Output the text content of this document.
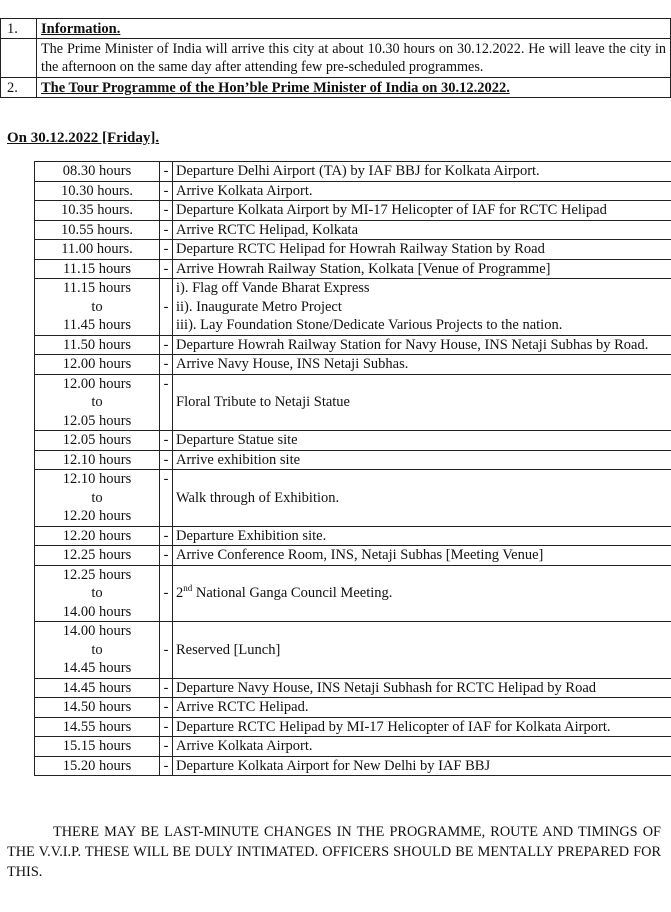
1.	Information.
	The Prime Minister of India will arrive this city at about 10.30 hours on 30.12.2022. He will leave the city in the afternoon on the same day after attending few pre-scheduled programmes.
2.	The Tour Programme of the Hon’ble Prime Minister of India on 30.12.2022.
On 30.12.2022 [Friday].
08.30 hours	-	Departure Delhi Airport (TA) by IAF BBJ for Kolkata Airport.
10.30 hours.	-	Arrive Kolkata Airport.
10.35 hours.	-	Departure Kolkata Airport by MI-17 Helicopter of IAF for RCTC Helipad
10.55 hours.	-	Arrive RCTC Helipad, Kolkata
11.00 hours.	-	Departure RCTC Helipad for Howrah Railway Station by Road
11.15 hours	-	Arrive Howrah Railway Station, Kolkata [Venue of Programme]

11.15 hours
to
11.45 hours	-	i). Flag off Vande Bharat Express
ii). Inaugurate Metro Project
iii). Lay Foundation Stone/Dedicate Various Projects to the nation.

11.50 hours	-	Departure Howrah Railway Station for Navy House, INS Netaji Subhas by Road.
12.00 hours	-	Arrive Navy House, INS Netaji Subhas.

12.00 hours
to
12.05 hours	-	Floral Tribute to Netaji Statue
12.05 hours	-	Departure Statue site
12.10 hours	-	Arrive exhibition site

12.10 hours
to
12.20 hours	-	Walk through of Exhibition.
12.20 hours	-	Departure Exhibition site.
12.25 hours	-	Arrive Conference Room, INS, Netaji Subhas [Meeting Venue]

12.25 hours
to
14.00 hours	-	2nd National Ganga Council Meeting.

14.00 hours
to
14.45 hours	-	Reserved [Lunch]
14.45 hours	-	Departure Navy House, INS Netaji Subhash for RCTC Helipad by Road
14.50 hours	-	Arrive RCTC Helipad.
14.55 hours	-	Departure RCTC Helipad by MI-17 Helicopter of IAF for Kolkata Airport.
15.15 hours	-	Arrive Kolkata Airport.
15.20 hours	-	Departure Kolkata Airport for New Delhi by IAF BBJ
THERE MAY BE LAST-MINUTE CHANGES IN THE PROGRAMME, ROUTE AND TIMINGS OF THE V.V.I.P. THESE WILL BE DULY INTIMATED. OFFICERS SHOULD BE MENTALLY PREPARED FOR THIS.
